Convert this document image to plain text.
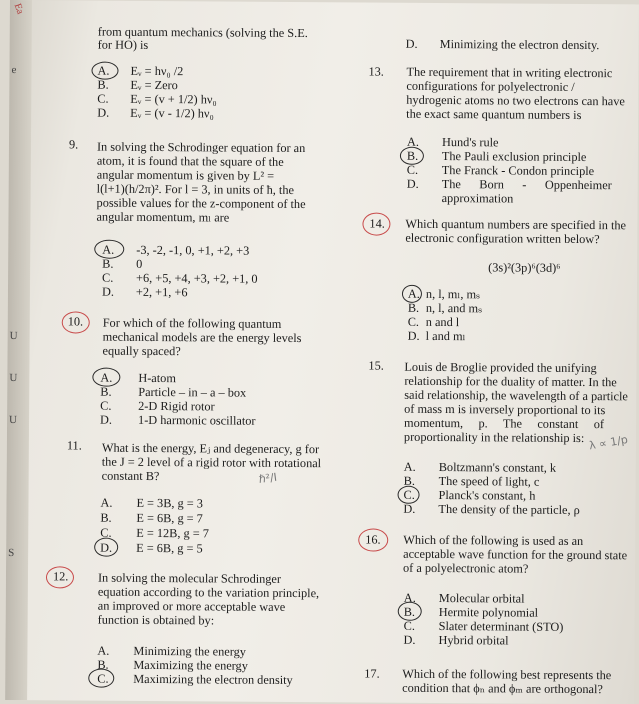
Ea
e
U
U
U
S
from quantum mechanics (solving the S.E.
for HO) is
A. Eᵥ = hν₀ /2
B. Eᵥ = Zero
C. Eᵥ = (v + 1/2) hν₀
D. Eᵥ = (v - 1/2) hν₀
9. In solving the Schrodinger equation for an
atom, it is found that the square of the
angular momentum is given by L² =
l(l+1)(h/2π)². For l = 3, in units of ħ, the
possible values for the z-component of the
angular momentum, mₗ are
A. -3, -2, -1, 0, +1, +2, +3
B. 0
C. +6, +5, +4, +3, +2, +1, 0
D. +2, +1, +6
10. For which of the following quantum
mechanical models are the energy levels
equally spaced?
A. H-atom
B. Particle – in – a – box
C. 2-D Rigid rotor
D. 1-D harmonic oscillator
11. What is the energy, Eⱼ and degeneracy, g for
the J = 2 level of a rigid rotor with rotational
constant B?	ℏ²/I
A. E = 3B, g = 3
B. E = 6B, g = 7
C. E = 12B, g = 7
D. E = 6B, g = 5
12. In solving the molecular Schrodinger
equation according to the variation principle,
an improved or more acceptable wave
function is obtained by:
A. Minimizing the energy
B. Maximizing the energy
C. Maximizing the electron density
D. Minimizing the electron density.
13. The requirement that in writing electronic
configurations for polyelectronic /
hydrogenic atoms no two electrons can have
the exact same quantum numbers is
A. Hund's rule
B. The Pauli exclusion principle
C. The Franck - Condon principle
D. The      Born      -      Oppenheimer
approximation
14. Which quantum numbers are specified in the
electronic configuration written below?
(3s)²(3p)⁶(3d)⁶
A. n, l, mₗ, mₛ
B. n, l, and mₛ
C. n and l
D. l and mₗ
15. Louis de Broglie provided the unifying
relationship for the duality of matter. In the
said relationship, the wavelength of a particle
of mass m is inversely proportional to its
momentum,     p.     The     constant     of
proportionality in the relationship is: λ ∝ 1/p
A. Boltzmann's constant, k
B. The speed of light, c
C. Planck's constant, h
D. The density of the particle, ρ
16. Which of the following is used as an
acceptable wave function for the ground state
of a polyelectronic atom?
A. Molecular orbital
B. Hermite polynomial
C. Slater determinant (STO)
D. Hybrid orbital
17. Which of the following best represents the
condition that ϕₙ and ϕₘ are orthogonal?
